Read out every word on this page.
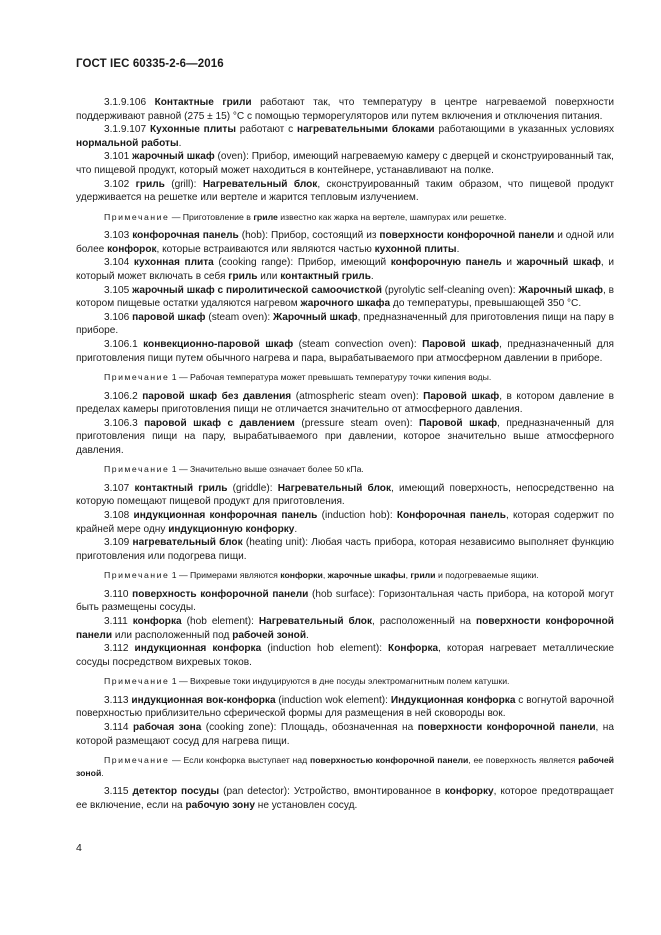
ГОСТ IEC 60335-2-6—2016

3.1.9.106 Контактные грили работают так, что температуру в центре нагреваемой поверхности поддерживают равной (275 ± 15) °С с помощью терморегуляторов или путем включения и отключения питания.

3.1.9.107 Кухонные плиты работают с нагревательными блоками работающими в указанных условиях нормальной работы.

3.101 жарочный шкаф (oven): Прибор, имеющий нагреваемую камеру с дверцей и сконструированный так, что пищевой продукт, который может находиться в контейнере, устанавливают на полке.

3.102 гриль (grill): Нагревательный блок, сконструированный таким образом, что пищевой продукт удерживается на решетке или вертеле и жарится тепловым излучением.

Примечание — Приготовление в гриле известно как жарка на вертеле, шампурах или решетке.

3.103 конфорочная панель (hob): Прибор, состоящий из поверхности конфорочной панели и одной или более конфорок, которые встраиваются или являются частью кухонной плиты.

3.104 кухонная плита (cooking range): Прибор, имеющий конфорочную панель и жарочный шкаф, и который может включать в себя гриль или контактный гриль.

3.105 жарочный шкаф с пиролитической самоочисткой (pyrolytic self-cleaning oven): Жарочный шкаф, в котором пищевые остатки удаляются нагревом жарочного шкафа до температуры, превышающей 350 °С.

3.106 паровой шкаф (steam oven): Жарочный шкаф, предназначенный для приготовления пищи на пару в приборе.

3.106.1 конвекционно-паровой шкаф (steam convection oven): Паровой шкаф, предназначенный для приготовления пищи путем обычного нагрева и пара, вырабатываемого при атмосферном давлении в приборе.

Примечание 1 — Рабочая температура может превышать температуру точки кипения воды.

3.106.2 паровой шкаф без давления (atmospheric steam oven): Паровой шкаф, в котором давление в пределах камеры приготовления пищи не отличается значительно от атмосферного давления.

3.106.3 паровой шкаф с давлением (pressure steam oven): Паровой шкаф, предназначенный для приготовления пищи на пару, вырабатываемого при давлении, которое значительно выше атмосферного давления.

Примечание 1 — Значительно выше означает более 50 кПа.

3.107 контактный гриль (griddle): Нагревательный блок, имеющий поверхность, непосредственно на которую помещают пищевой продукт для приготовления.

3.108 индукционная конфорочная панель (induction hob): Конфорочная панель, которая содержит по крайней мере одну индукционную конфорку.

3.109 нагревательный блок (heating unit): Любая часть прибора, которая независимо выполняет функцию приготовления или подогрева пищи.

Примечание 1 — Примерами являются конфорки, жарочные шкафы, грили и подогреваемые ящики.

3.110 поверхность конфорочной панели (hob surface): Горизонтальная часть прибора, на которой могут быть размещены сосуды.

3.111 конфорка (hob element): Нагревательный блок, расположенный на поверхности конфорочной панели или расположенный под рабочей зоной.

3.112 индукционная конфорка (induction hob element): Конфорка, которая нагревает металлические сосуды посредством вихревых токов.

Примечание 1 — Вихревые токи индуцируются в дне посуды электромагнитным полем катушки.

3.113 индукционная вок-конфорка (induction wok element): Индукционная конфорка с вогнутой варочной поверхностью приблизительно сферической формы для размещения в ней сковороды вок.

3.114 рабочая зона (cooking zone): Площадь, обозначенная на поверхности конфорочной панели, на которой размещают сосуд для нагрева пищи.

Примечание — Если конфорка выступает над поверхностью конфорочной панели, ее поверхность является рабочей зоной.

3.115 детектор посуды (pan detector): Устройство, вмонтированное в конфорку, которое предотвращает ее включение, если на рабочую зону не установлен сосуд.

4
